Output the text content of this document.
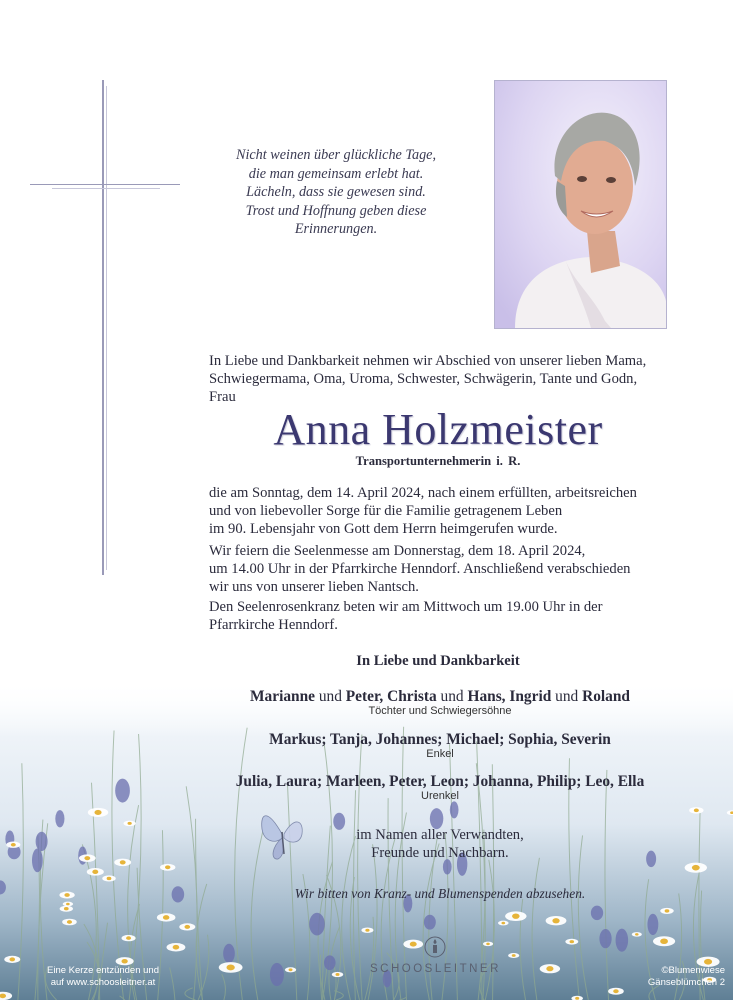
Nicht weinen über glückliche Tage,
die man gemeinsam erlebt hat.
Lächeln, dass sie gewesen sind.
Trost und Hoffnung geben diese
Erinnerungen.
In Liebe und Dankbarkeit nehmen wir Abschied von unserer lieben Mama,
Schwiegermama, Oma, Uroma, Schwester, Schwägerin, Tante und Godn,
Frau
Anna Holzmeister
Transportunternehmerin i. R.
die am Sonntag, dem 14. April 2024, nach einem erfüllten, arbeitsreichen
und von liebevoller Sorge für die Familie getragenem Leben
im 90. Lebensjahr von Gott dem Herrn heimgerufen wurde.
Wir feiern die Seelenmesse am Donnerstag, dem 18. April 2024,
um 14.00 Uhr in der Pfarrkirche Henndorf. Anschließend verabschieden
wir uns von unserer lieben Nantsch.
Den Seelenrosenkranz beten wir am Mittwoch um 19.00 Uhr in der
Pfarrkirche Henndorf.
In Liebe und Dankbarkeit
Marianne und Peter, Christa und Hans, Ingrid und Roland
Töchter und Schwiegersöhne
Markus; Tanja, Johannes; Michael; Sophia, Severin
Enkel
Julia, Laura; Marleen, Peter, Leon; Johanna, Philip; Leo, Ella
Urenkel
im Namen aller Verwandten,
Freunde und Nachbarn.
Wir bitten von Kranz- und Blumenspenden abzusehen.
SCHOOSLEITNER
Eine Kerze entzünden und
auf www.schoosleitner.at
©Blumenwiese
Gänseblümchen 2
